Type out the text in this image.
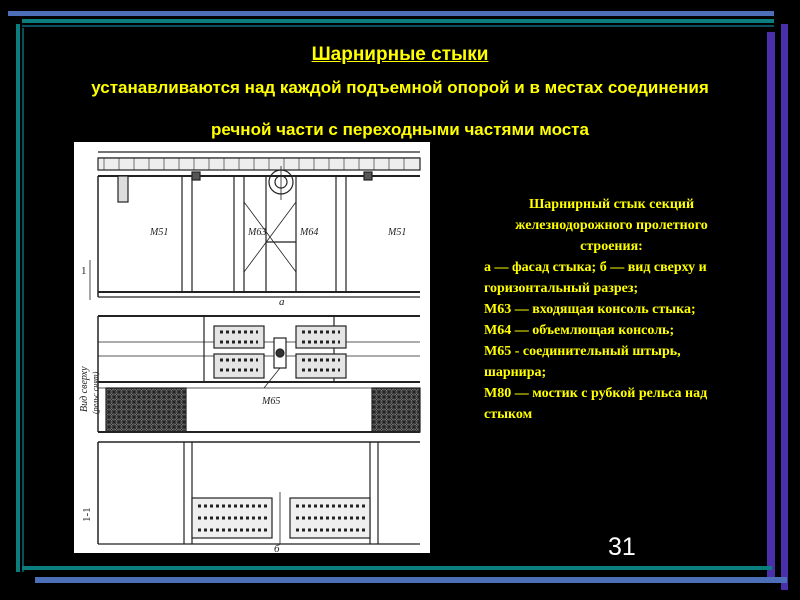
Шарнирные стыки
устанавливаются над каждой подъемной опорой и в местах соединения речной части с переходными частями моста
M51	M63	M64	M51
а
1
M65
Вид сверху (рельс снят)
б
1-1
Шарнирный стык секций железнодорожного пролетного строения:
а — фасад стыка; б — вид сверху и горизонтальный разрез;
М63 — входящая консоль стыка;
М64 — объемлющая консоль;
М65 - соединительный штырь, шарнира;
М80 — мостик с рубкой рельса над стыком
31
